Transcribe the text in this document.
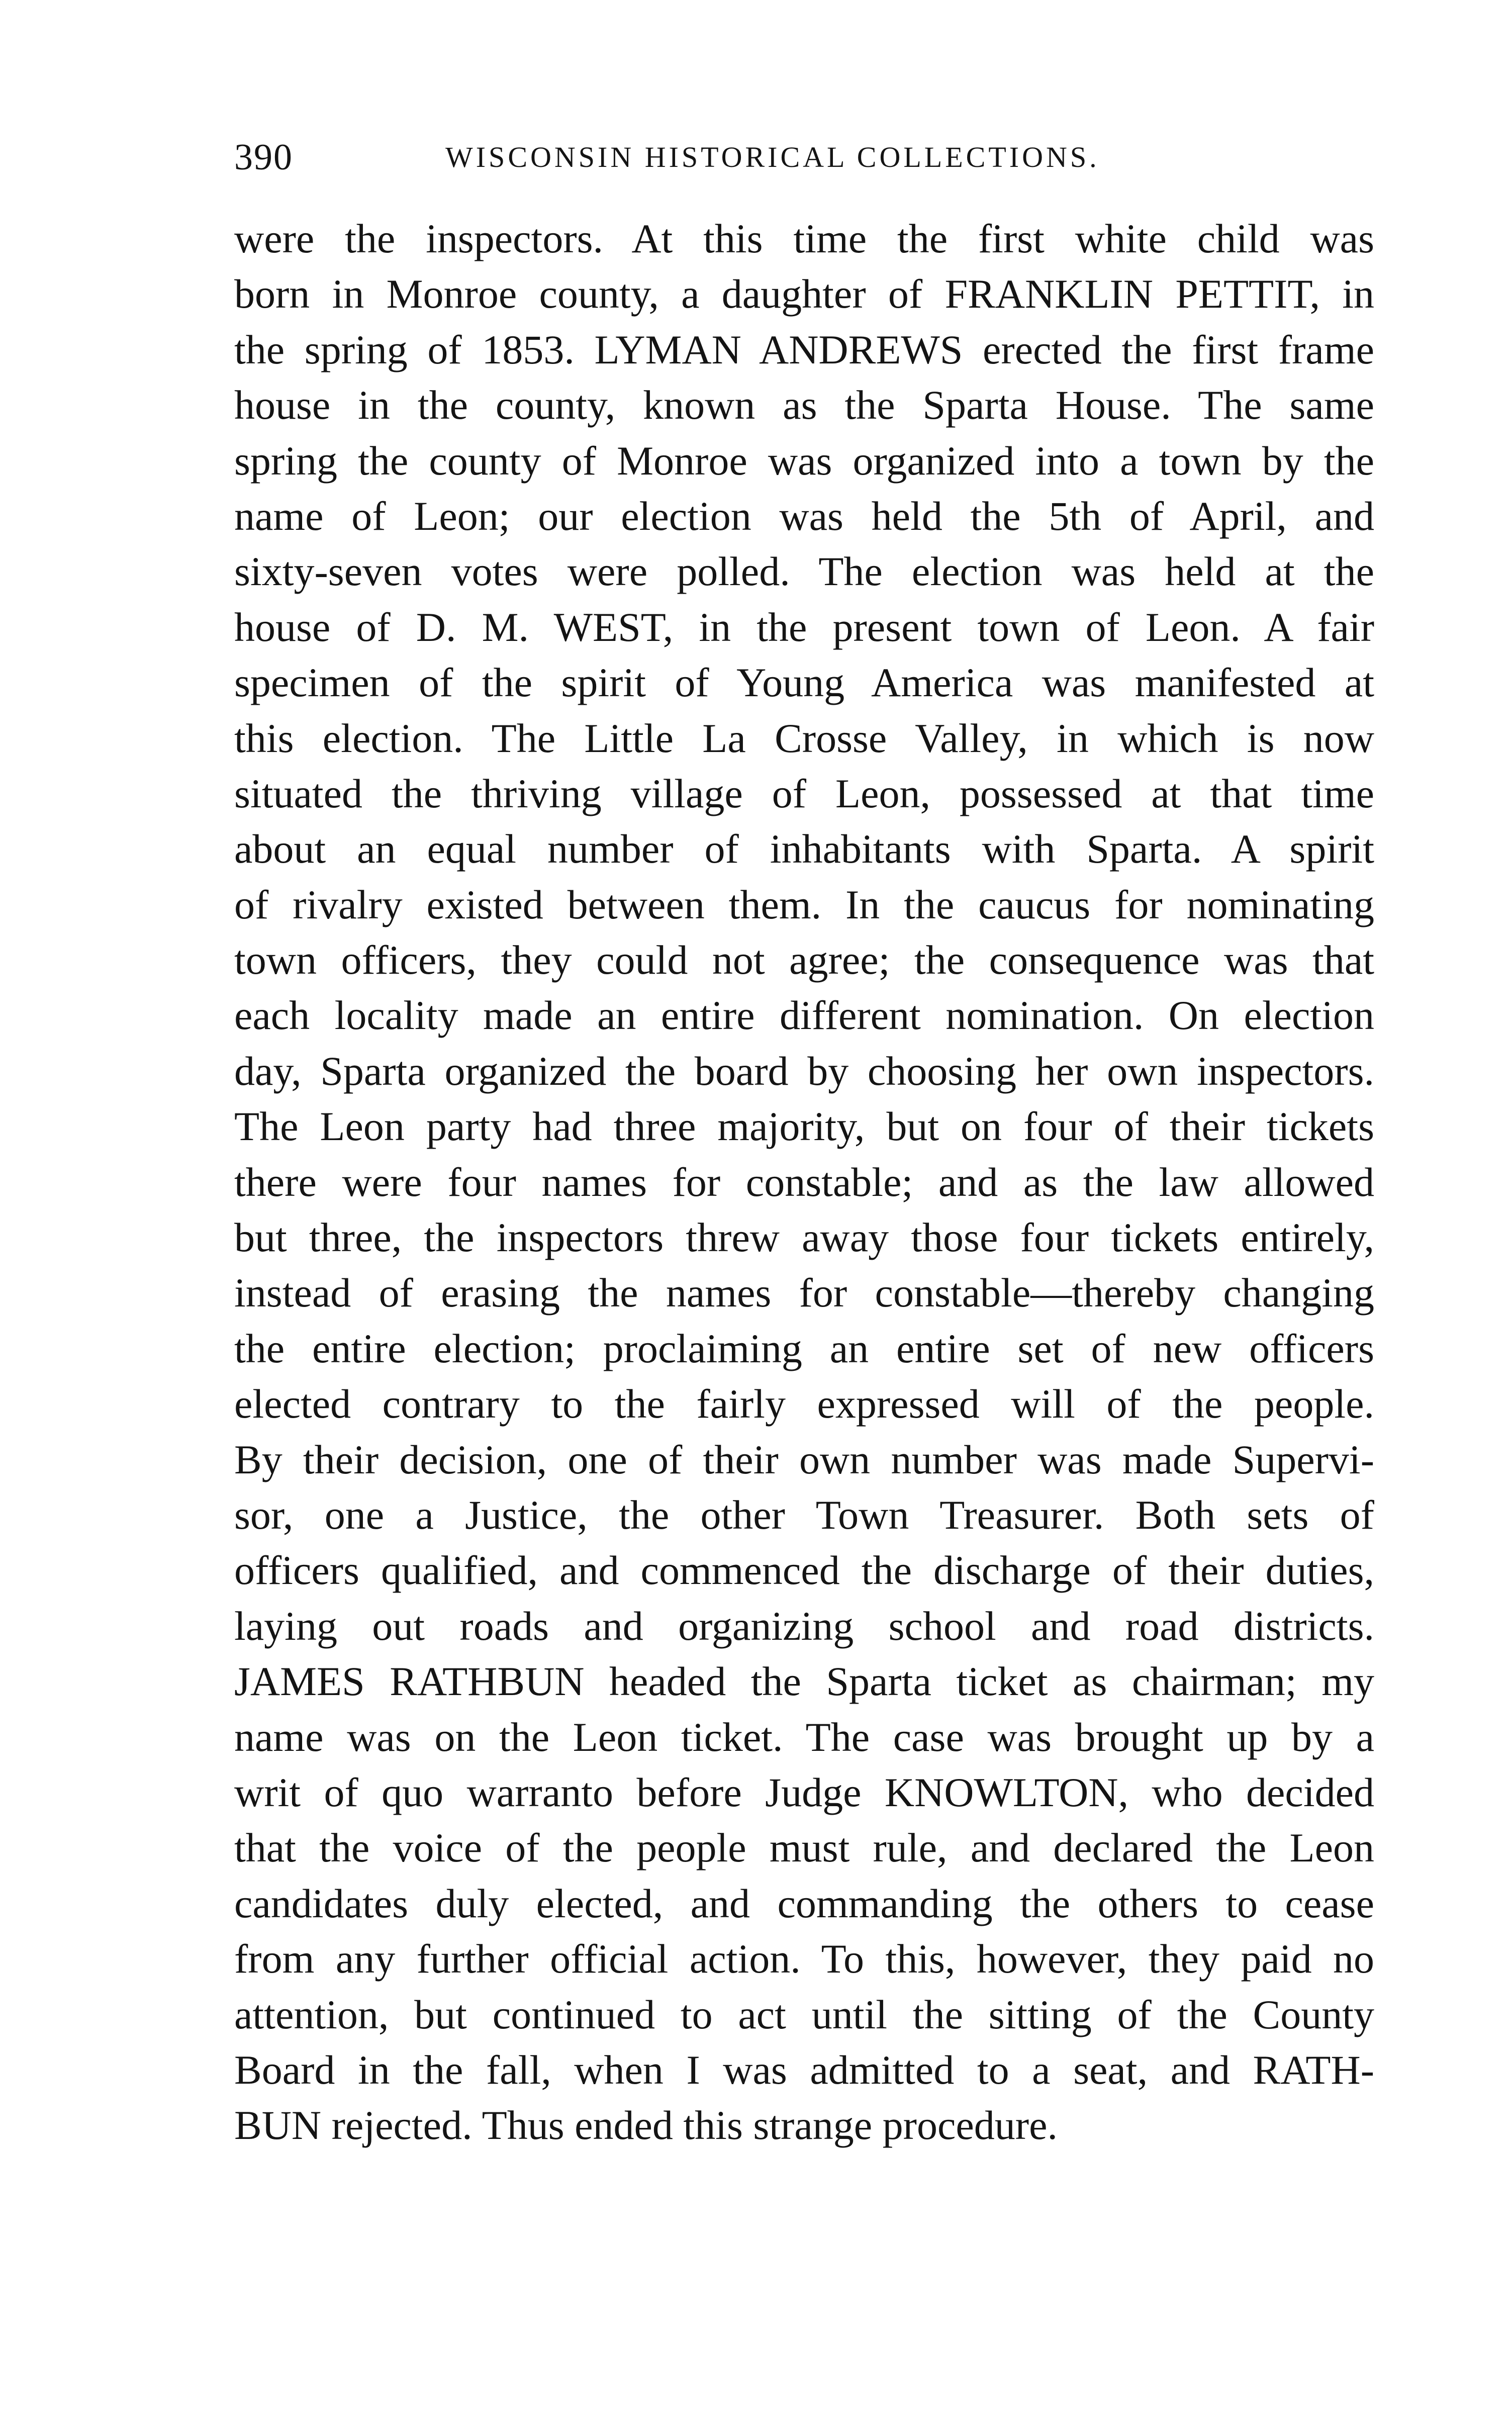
390	WISCONSIN HISTORICAL COLLECTIONS.
were the inspectors. At this time the first white child was
born in Monroe county, a daughter of FRANKLIN PETTIT, in
the spring of 1853. LYMAN ANDREWS erected the first frame
house in the county, known as the Sparta House. The same
spring the county of Monroe was organized into a town by the
name of Leon; our election was held the 5th of April, and
sixty-seven votes were polled. The election was held at the
house of D. M. WEST, in the present town of Leon. A fair
specimen of the spirit of Young America was manifested at
this election. The Little La Crosse Valley, in which is now
situated the thriving village of Leon, possessed at that time
about an equal number of inhabitants with Sparta. A spirit
of rivalry existed between them. In the caucus for nominating
town officers, they could not agree; the consequence was that
each locality made an entire different nomination. On election
day, Sparta organized the board by choosing her own inspectors.
The Leon party had three majority, but on four of their tickets
there were four names for constable; and as the law allowed
but three, the inspectors threw away those four tickets entirely,
instead of erasing the names for constable—thereby changing
the entire election; proclaiming an entire set of new officers
elected contrary to the fairly expressed will of the people.
By their decision, one of their own number was made Supervi-
sor, one a Justice, the other Town Treasurer. Both sets of
officers qualified, and commenced the discharge of their duties,
laying out roads and organizing school and road districts.
JAMES RATHBUN headed the Sparta ticket as chairman; my
name was on the Leon ticket. The case was brought up by a
writ of quo warranto before Judge KNOWLTON, who decided
that the voice of the people must rule, and declared the Leon
candidates duly elected, and commanding the others to cease
from any further official action. To this, however, they paid no
attention, but continued to act until the sitting of the County
Board in the fall, when I was admitted to a seat, and RATH-
BUN rejected. Thus ended this strange procedure.
